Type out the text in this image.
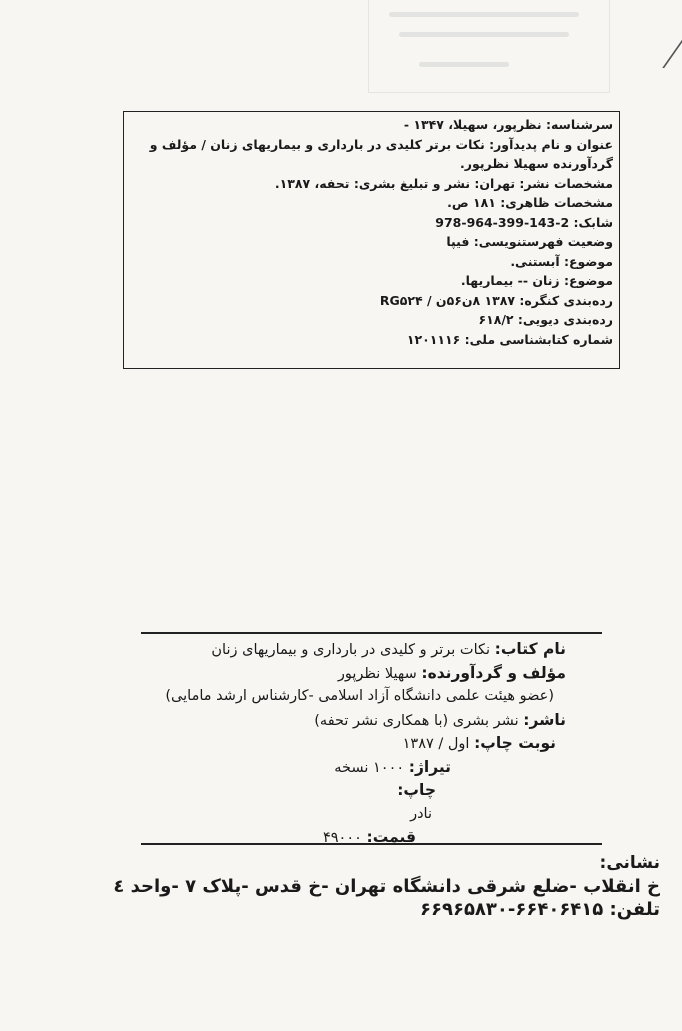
سرشناسه: نظرپور، سهیلا، ۱۳۴۷ -
عنوان و نام پدیدآور: نکات برتر کلیدی در بارداری و بیماریهای زنان / مؤلف و
گردآورنده سهیلا نظرپور.
مشخصات نشر: تهران: نشر و تبلیغ بشری: تحفه، ۱۳۸۷.
مشخصات ظاهری: ۱۸۱ ص.
شابک: 2-143-399-964-978
وضعیت فهرستنویسی: فیپا
موضوع: آبستنی.
موضوع: زنان -- بیماریها.
رده‌بندی کنگره: ۱۳۸۷ ۸ن۵۶ن / RG۵۲۴
رده‌بندی دیویی: ۶۱۸/۲
شماره کتابشناسی ملی: ۱۲۰۱۱۱۶
نام کتاب: نکات برتر و کلیدی در بارداری و بیماریهای زنان
مؤلف و گردآورنده: سهیلا نظرپور
(عضو هیئت علمی دانشگاه آزاد اسلامی -کارشناس ارشد مامایی)
ناشر: نشر بشری (با همکاری نشر تحفه)
نوبت چاپ: اول / ۱۳۸۷
تیراژ: ۱۰۰۰ نسخه
چاپ:
نادر
قیمت: ۴۹۰۰۰
نشانی:
خ انقلاب -ضلع شرقی دانشگاه تهران -خ قدس -پلاک ۷ -واحد ٤
تلفن: ۶۶۴۰۶۴۱۵-۶۶۹۶۵۸۳۰
